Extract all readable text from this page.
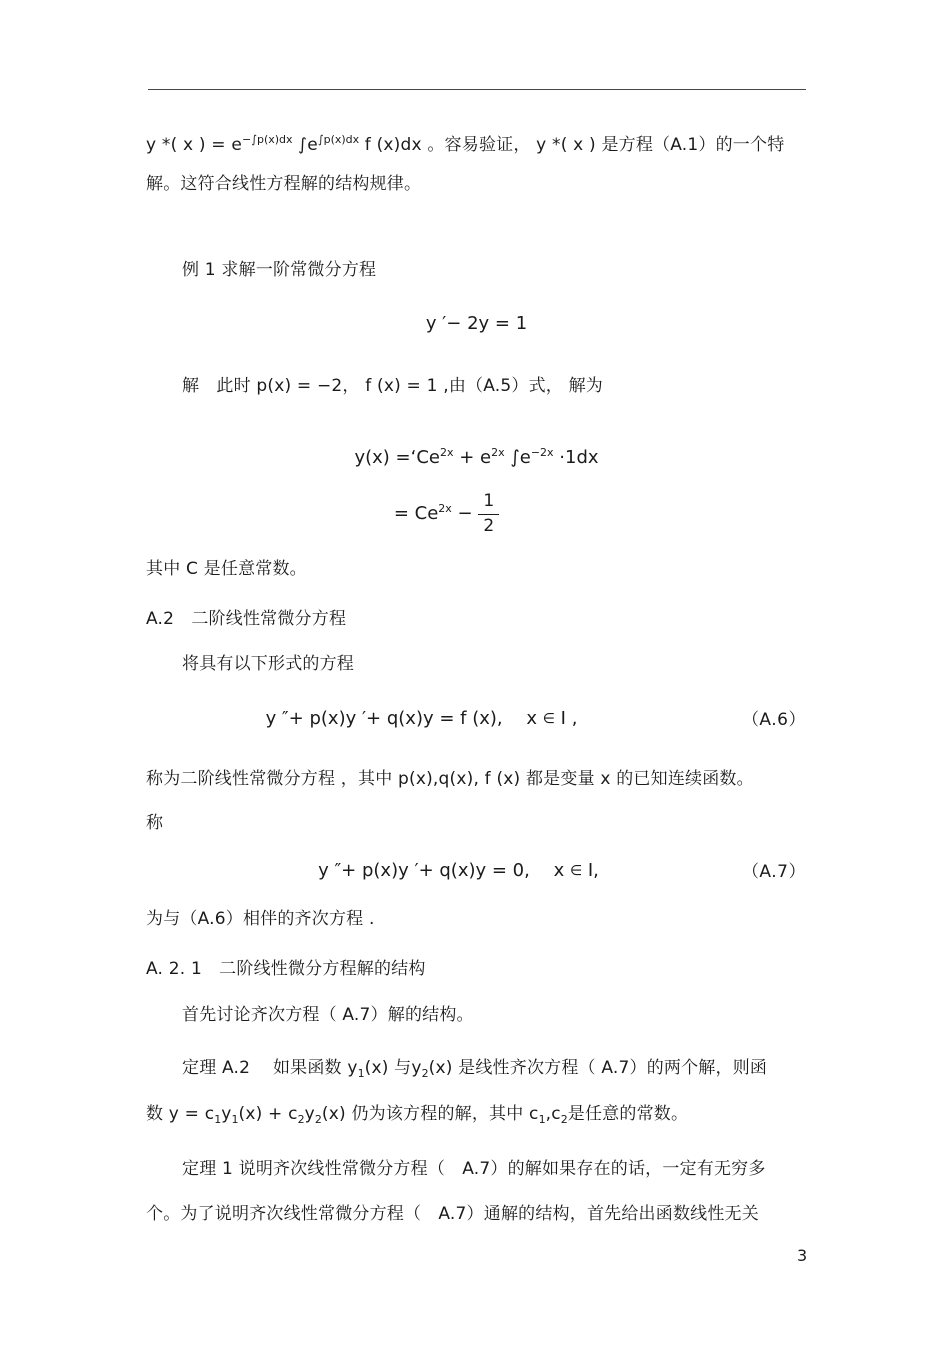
y *( x ) = $e^{-\int p(x)dx}$ $\int e^{\int p(x)dx}$ f (x)dx 。容易验证， y *( x ) 是方程（A.1）的一个特
解。这符合线性方程解的结构规律。
例 1 求解一阶常微分方程
y ′− 2y = 1
解　此时 p(x) = −2， f (x) = 1 ,由（A.5）式， 解为
$y(x) =‘Ce^{2x} + e^{2x}$ $\int e^{-2x} \cdot 1dx$
= $Ce^{2x} - \frac{1}{2}$
其中 C 是任意常数。
A.2　二阶线性常微分方程
将具有以下形式的方程
y ″+ p(x)y ′+ q(x)y = f (x),　 x ∈ I ,	（A.6）
称为二阶线性常微分方程 ，其中 p(x),q(x), f (x) 都是变量 x 的已知连续函数。
称
y ″+ p(x)y ′+ q(x)y = 0,　 x ∈ I,	（A.7）
为与（A.6）相伴的齐次方程 .
A. 2. 1　二阶线性微分方程解的结构
首先讨论齐次方程（ A.7）解的结构。
定理 A.2　 如果函数 $y_1(x)$ 与$y_2(x)$ 是线性齐次方程（ A.7）的两个解，则函
数 $y = c_1y_1(x) + c_2y_2(x)$ 仍为该方程的解，其中 $c_1,c_2$是任意的常数。
定理 1 说明齐次线性常微分方程（　A.7）的解如果存在的话，一定有无穷多
个。为了说明齐次线性常微分方程（　A.7）通解的结构，首先给出函数线性无关
3
